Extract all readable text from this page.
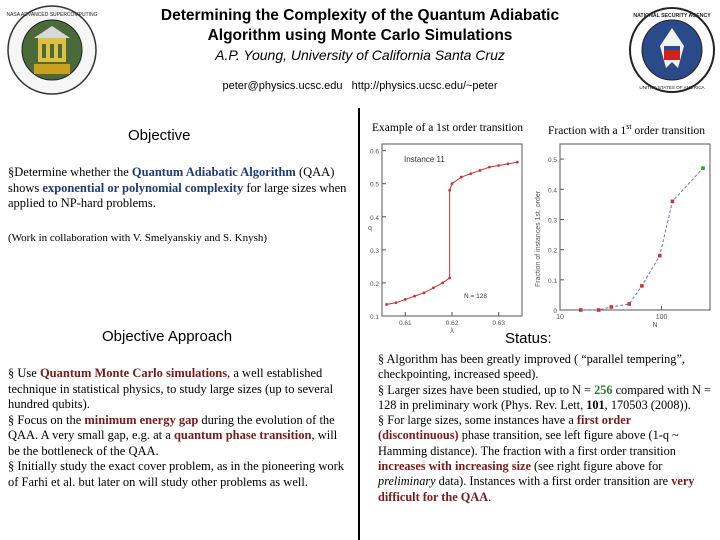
NASA ADVANCED SUPERCOMPUTING	NATIONAL SECURITY AGENCY
UNITED STATES OF AMERICA
Determining the Complexity of the Quantum Adiabatic
Algorithm using Monte Carlo Simulations
A.P. Young, University of California Santa Cruz
peter@physics.ucsc.edu http://physics.ucsc.edu/~peter
Objective
§Determine whether the Quantum Adiabatic Algorithm (QAA) shows exponential or polynomial complexity for large sizes when applied to NP-hard problems.
(Work in collaboration with V. Smelyanskiy and S. Knysh)
Objective Approach
§ Use Quantum Monte Carlo simulations, a well established technique in statistical physics, to study large sizes (up to several hundred qubits).
§ Focus on the minimum energy gap during the evolution of the QAA. A very small gap, e.g. at a quantum phase transition, will be the bottleneck of the QAA.
§ Initially study the exact cover problem, as in the pioneering work of Farhi et al. but later on will study other problems as well.
Example of a 1st order transition Fraction with a 1st order transition
0.1
0.2
0.3
0.4
0.5
0.6
0.61	0.62	0.63
λ
q
Instance 11
N = 128
0
0.1
0.2
0.3
0.4
0.5
10	100
N
Fraction of instances 1st. order
Status:
§ Algorithm has been greatly improved ( “parallel tempering”, checkpointing, increased speed).
§ Larger sizes have been studied, up to N = 256 compared with N = 128 in preliminary work (Phys. Rev. Lett, 101, 170503 (2008)).
§ For large sizes, some instances have a first order (discontinuous) phase transition, see left figure above (1-q ~ Hamming distance). The fraction with a first order transition increases with increasing size (see right figure above for preliminary data). Instances with a first order transition are very difficult for the QAA.
